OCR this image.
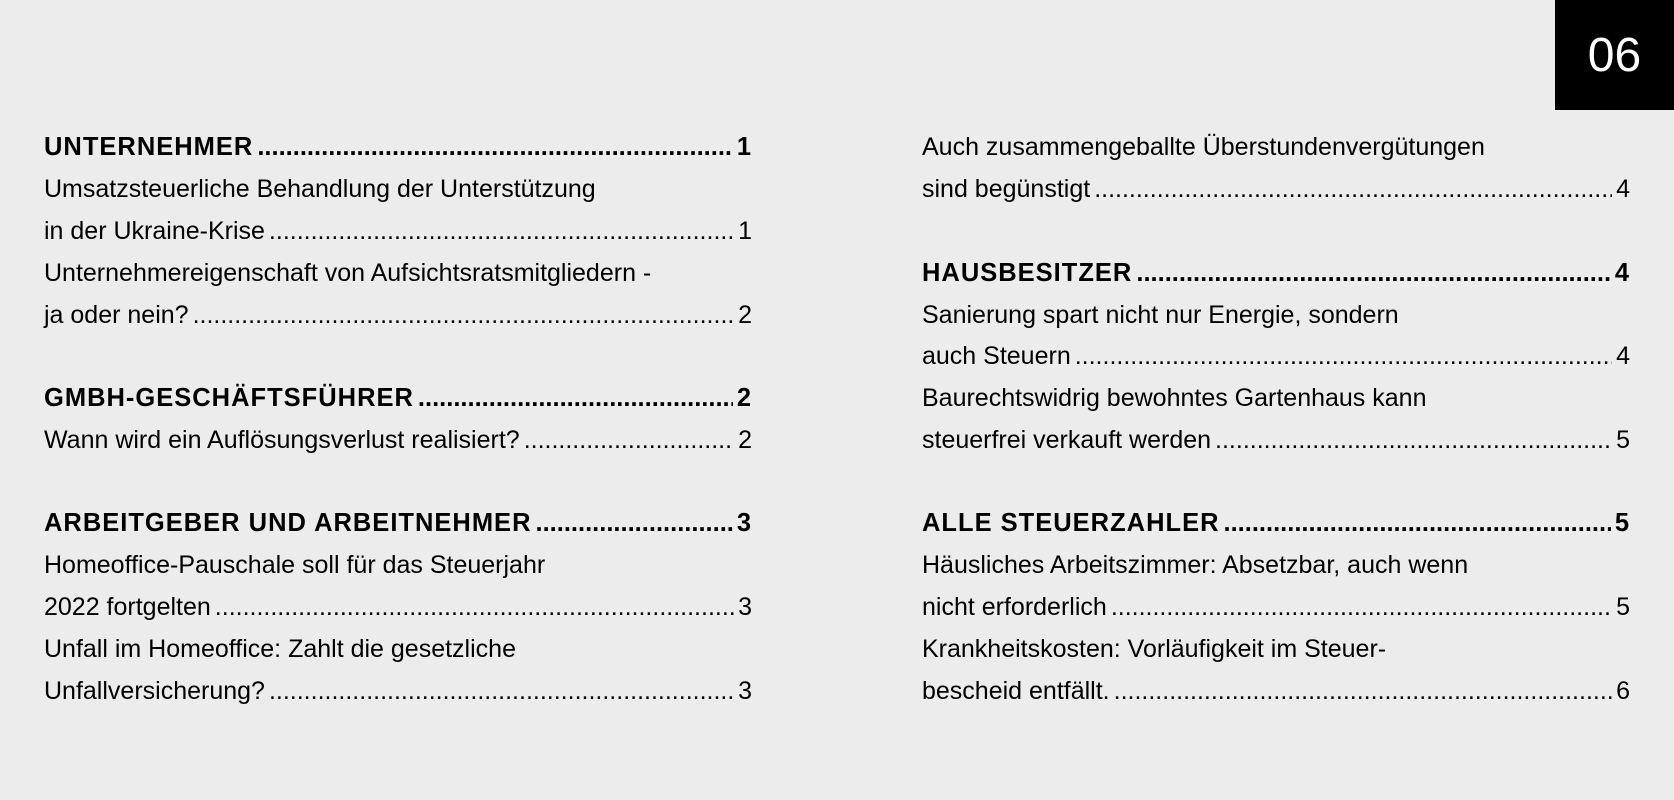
06
UNTERNEHMER .....	1
Umsatzsteuerliche Behandlung der Unterstützung
in der Ukraine-Krise .....	1
Unternehmereigenschaft von Aufsichtsratsmitgliedern -
ja oder nein? .....	2
GMBH-GESCHÄFTSFÜHRER .....	2
Wann wird ein Auflösungsverlust realisiert? .....	2
ARBEITGEBER UND ARBEITNEHMER .....	3
Homeoffice-Pauschale soll für das Steuerjahr
2022 fortgelten .....	3
Unfall im Homeoffice: Zahlt die gesetzliche
Unfallversicherung? .....	3
Auch zusammengeballte Überstundenvergütungen
sind begünstigt .....	4
HAUSBESITZER .....	4
Sanierung spart nicht nur Energie, sondern
auch Steuern .....	4
Baurechtswidrig bewohntes Gartenhaus kann
steuerfrei verkauft werden .....	5
ALLE STEUERZAHLER .....	5
Häusliches Arbeitszimmer: Absetzbar, auch wenn
nicht erforderlich .....	5
Krankheitskosten: Vorläufigkeit im Steuer-
bescheid entfällt. .....	6
